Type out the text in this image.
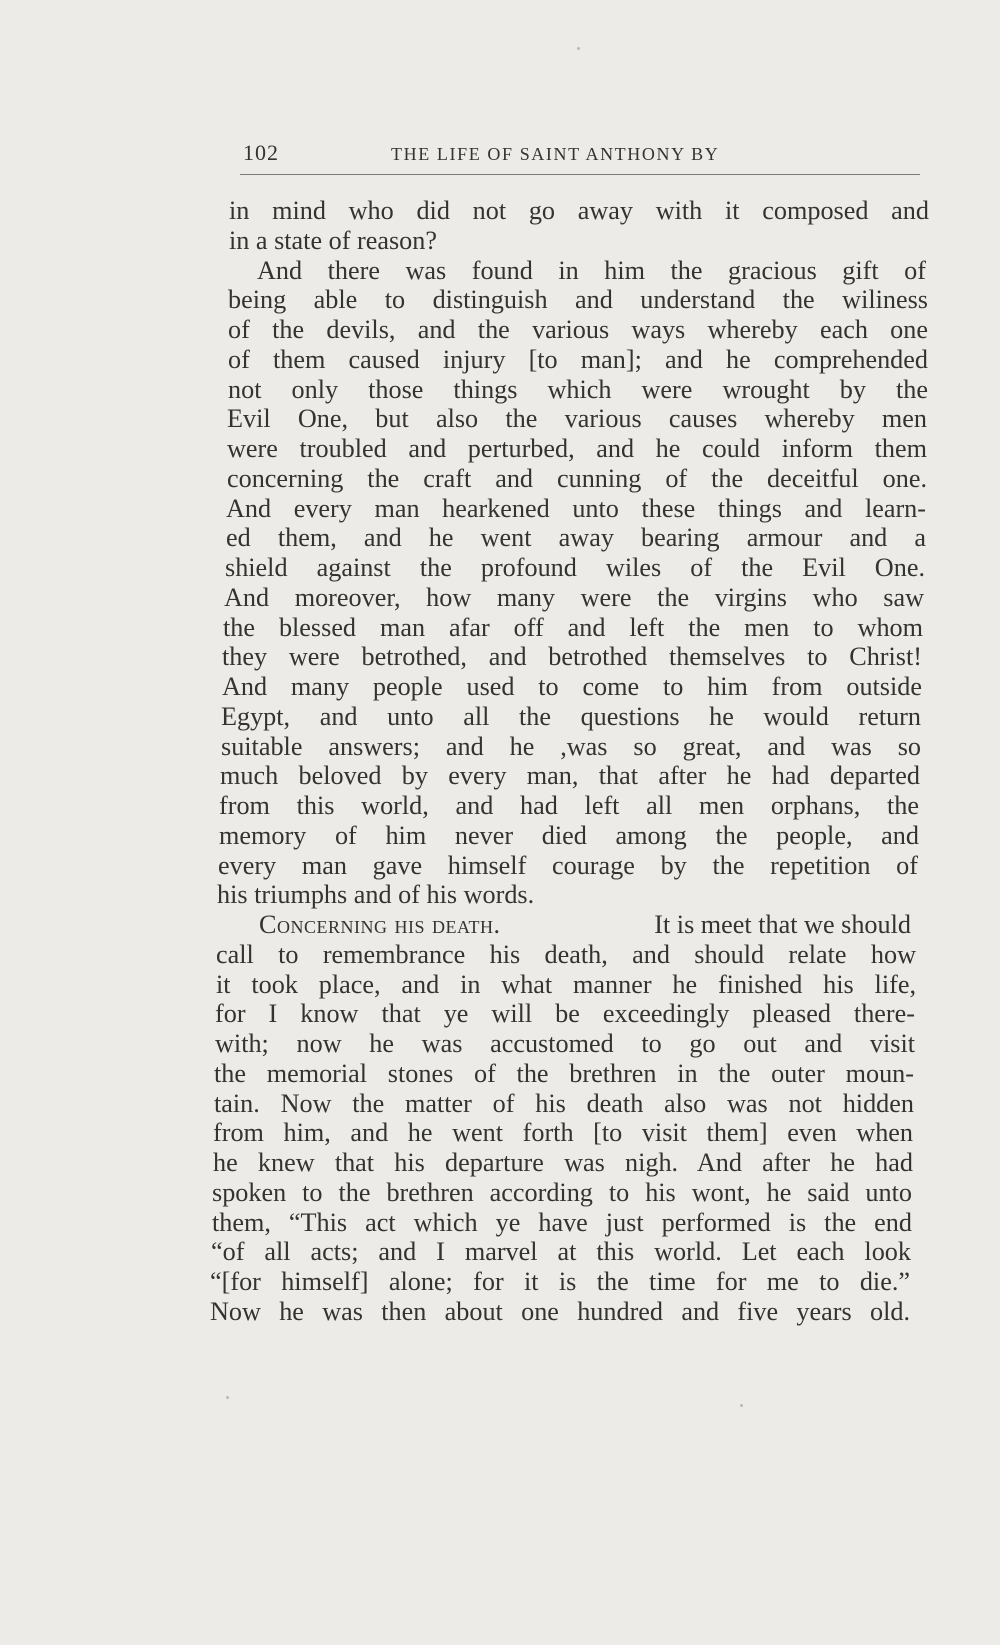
102	THE LIFE OF SAINT ANTHONY BY
in mind who did not go away with it composed and
in a state of reason?
And there was found in him the gracious gift of
being able to distinguish and understand the wiliness
of the devils, and the various ways whereby each one
of them caused injury [to man]; and he comprehended
not only those things which were wrought by the
Evil One, but also the various causes whereby men
were troubled and perturbed, and he could inform them
concerning the craft and cunning of the deceitful one.
And every man hearkened unto these things and learn-
ed them, and he went away bearing armour and a
shield against the profound wiles of the Evil One.
And moreover, how many were the virgins who saw
the blessed man afar off and left the men to whom
they were betrothed, and betrothed themselves to Christ!
And many people used to come to him from outside
Egypt, and unto all the questions he would return
suitable answers; and he ,was so great, and was so
much beloved by every man, that after he had departed
from this world, and had left all men orphans, the
memory of him never died among the people, and
every man gave himself courage by the repetition of
his triumphs and of his words.
Concerning his death.	It is meet that we should
call to remembrance his death, and should relate how
it took place, and in what manner he finished his life,
for I know that ye will be exceedingly pleased there-
with; now he was accustomed to go out and visit
the memorial stones of the brethren in the outer moun-
tain. Now the matter of his death also was not hidden
from him, and he went forth [to visit them] even when
he knew that his departure was nigh. And after he had
spoken to the brethren according to his wont, he said unto
them, “This act which ye have just performed is the end
“of all acts; and I marvel at this world. Let each look
“[for himself] alone; for it is the time for me to die.”
Now he was then about one hundred and five years old.
